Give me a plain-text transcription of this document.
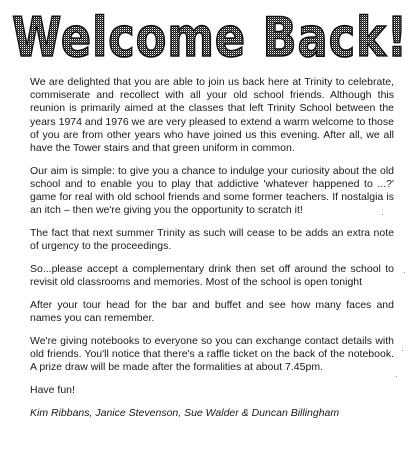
Welcome Back!

We are delighted that you are able to join us back here at Trinity to celebrate, commiserate and recollect with all your old school friends. Although this reunion is primarily aimed at the classes that left Trinity School between the years 1974 and 1976 we are very pleased to extend a warm welcome to those of you are from other years who have joined us this evening. After all, we all have the Tower stairs and that green uniform in common.

Our aim is simple: to give you a chance to indulge your curiosity about the old school and to enable you to play that addictive 'whatever happened to ...?' game for real with old school friends and some former teachers. If nostalgia is an itch – then we're giving you the opportunity to scratch it!

The fact that next summer Trinity as such will cease to be adds an extra note of urgency to the proceedings.

So...please accept a complementary drink then set off around the school to revisit old classrooms and memories. Most of the school is open tonight

After your tour head for the bar and buffet and see how many faces and names you can remember.

We're giving notebooks to everyone so you can exchange contact details with old friends. You'll notice that there's a raffle ticket on the back of the notebook. A prize draw will be made after the formalities at about 7.45pm.

Have fun!

Kim Ribbans, Janice Stevenson, Sue Walder & Duncan Billingham
